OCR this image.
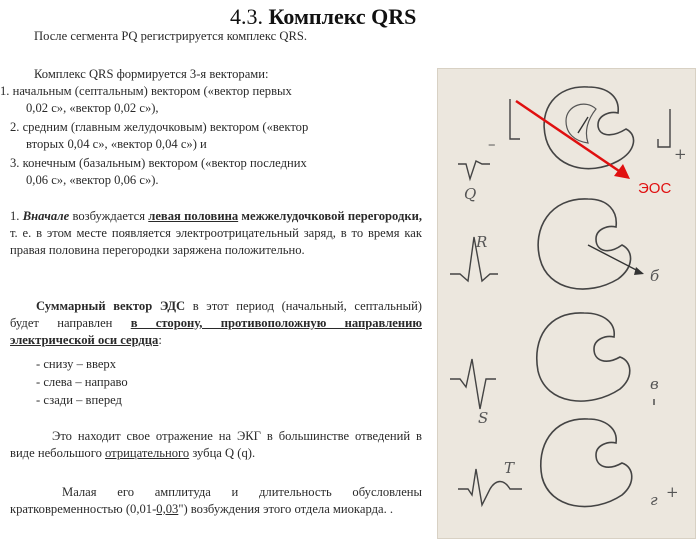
4.3. Комплекс QRS
После сегмента PQ регистрируется комплекс QRS.
Комплекс QRS формируется 3-я векторами:
1. начальным (септальным) вектором («вектор первых
0,02 с», «вектор 0,02 с»),
2. средним (главным желудочковым) вектором («вектор
вторых 0,04 с», «вектор 0,04 с») и
3. конечным (базальным) вектором («вектор последних
0,06 с», «вектор 0,06 с»).
1. Вначале возбуждается левая половина межжелудочковой перегородки, т. е. в этом месте появляется электроотрицательный заряд, в то время как правая половина перегородки заряжена положительно.
Суммарный вектор ЭДС в этот период (начальный, септальный) будет направлен в сторону, противоположную направлению электрической оси сердца:
- снизу – вверх
- слева – направо
- сзади – вперед
Это находит свое отражение на ЭКГ в большинстве отведений в виде небольшого отрицательного зубца Q (q).
Малая его амплитуда и длительность обусловлены кратковременностью (0,01-0,03") возбуждения этого отдела миокарда. .
+
–
Q
R
S
T
+
б
в
г
ЭОС
